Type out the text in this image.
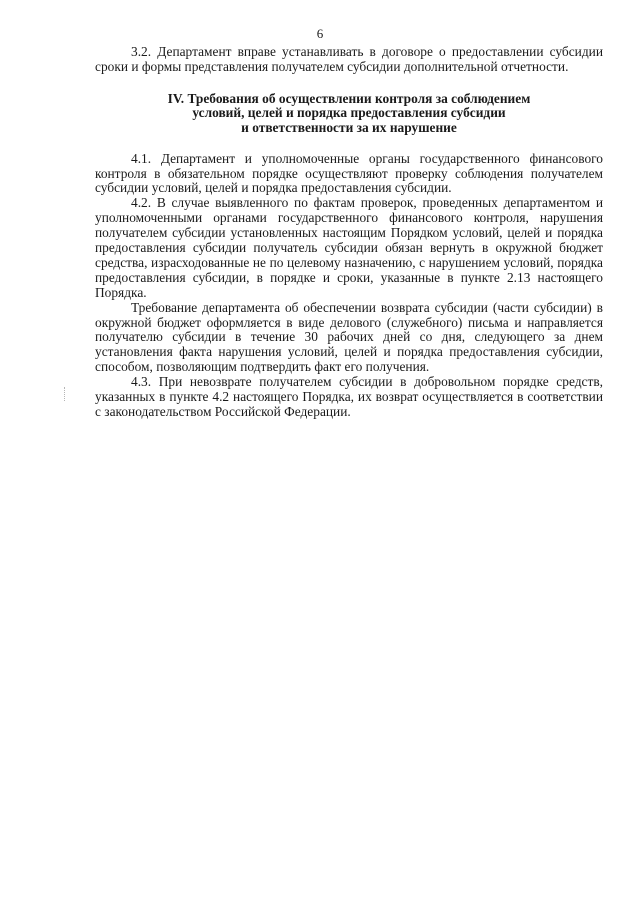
6

3.2. Департамент вправе устанавливать в договоре о предоставлении субсидии сроки и формы представления получателем субсидии дополнительной отчетности.

IV. Требования об осуществлении контроля за соблюдением
условий, целей и порядка предоставления субсидии
и ответственности за их нарушение

4.1. Департамент и уполномоченные органы государственного финансового контроля в обязательном порядке осуществляют проверку соблюдения получателем субсидии условий, целей и порядка предоставления субсидии.

4.2. В случае выявленного по фактам проверок, проведенных департаментом и уполномоченными органами государственного финансового контроля, нарушения получателем субсидии установленных настоящим Порядком условий, целей и порядка предоставления субсидии получатель субсидии обязан вернуть в окружной бюджет средства, израсходованные не по целевому назначению, с нарушением условий, порядка предоставления субсидии, в порядке и сроки, указанные в пункте 2.13 настоящего Порядка.

Требование департамента об обеспечении возврата субсидии (части субсидии) в окружной бюджет оформляется в виде делового (служебного) письма и направляется получателю субсидии в течение 30 рабочих дней со дня, следующего за днем установления факта нарушения условий, целей и порядка предоставления субсидии, способом, позволяющим подтвердить факт его получения.

4.3. При невозврате получателем субсидии в добровольном порядке средств, указанных в пункте 4.2 настоящего Порядка, их возврат осуществляется в соответствии с законодательством Российской Федерации.
